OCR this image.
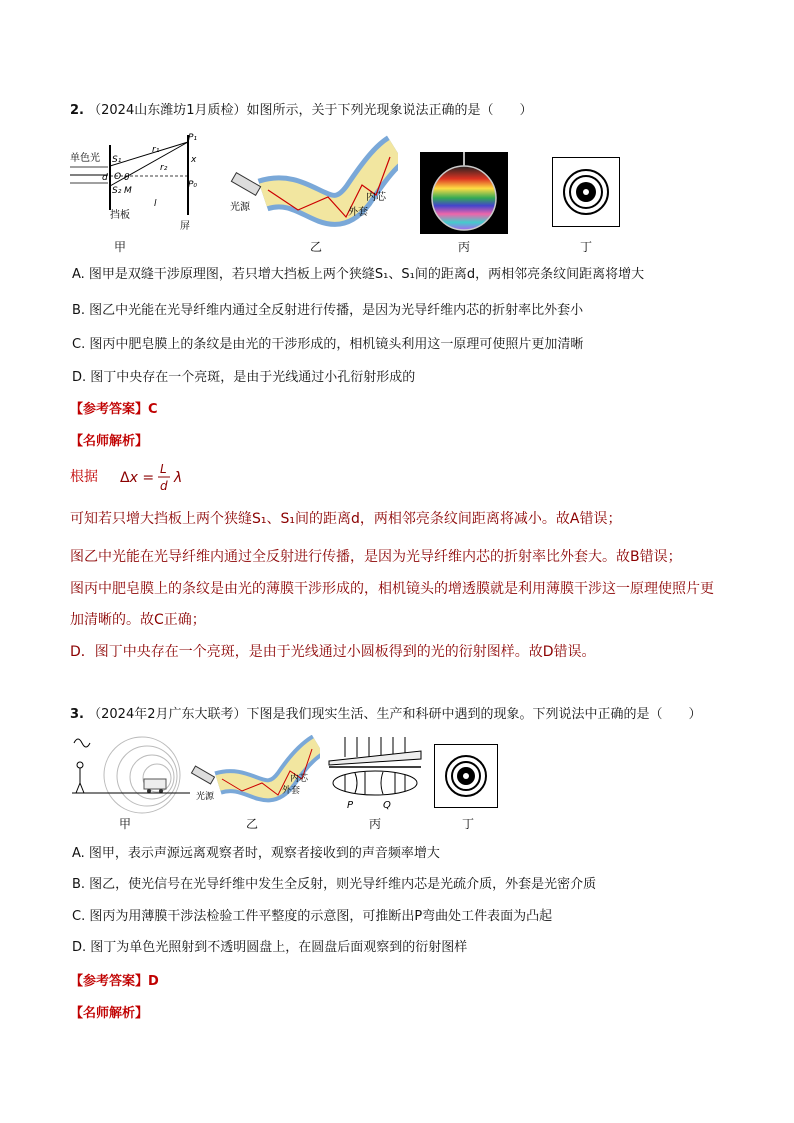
2. （2024山东潍坊1月质检）如图所示，关于下列光现象说法正确的是（　　）
单色光 S₁
S₂
P₁
P₀
r₁
r₂
x
d O θ
M
l
挡板
屏
甲
光源
内芯
外套
乙	丙	丁
A. 图甲是双缝干涉原理图，若只增大挡板上两个狭缝S₁、S₁间的距离d，两相邻亮条纹间距离将增大
B. 图乙中光能在光导纤维内通过全反射进行传播，是因为光导纤维内芯的折射率比外套小
C. 图丙中肥皂膜上的条纹是由光的干涉形成的，相机镜头利用这一原理可使照片更加清晰
D. 图丁中央存在一个亮斑，是由于光线通过小孔衍射形成的
【参考答案】C
【名师解析】
根据 Δx =
L
d λ
可知若只增大挡板上两个狭缝S₁、S₁间的距离d，两相邻亮条纹间距离将减小。故A错误；
图乙中光能在光导纤维内通过全反射进行传播，是因为光导纤维内芯的折射率比外套大。故B错误；
图丙中肥皂膜上的条纹是由光的薄膜干涉形成的，相机镜头的增透膜就是利用薄膜干涉这一原理使照片更
加清晰的。故C正确；
D．图丁中央存在一个亮斑，是由于光线通过小圆板得到的光的衍射图样。故D错误。
3. （2024年2月广东大联考）下图是我们现实生活、生产和科研中遇到的现象。下列说法中正确的是（　　）
甲
光源
内芯
外套
乙
P	Q
丙	丁
A. 图甲，表示声源远离观察者时，观察者接收到的声音频率增大
B. 图乙，使光信号在光导纤维中发生全反射，则光导纤维内芯是光疏介质，外套是光密介质
C. 图丙为用薄膜干涉法检验工件平整度的示意图，可推断出P弯曲处工件表面为凸起
D. 图丁为单色光照射到不透明圆盘上，在圆盘后面观察到的衍射图样
【参考答案】D
【名师解析】
